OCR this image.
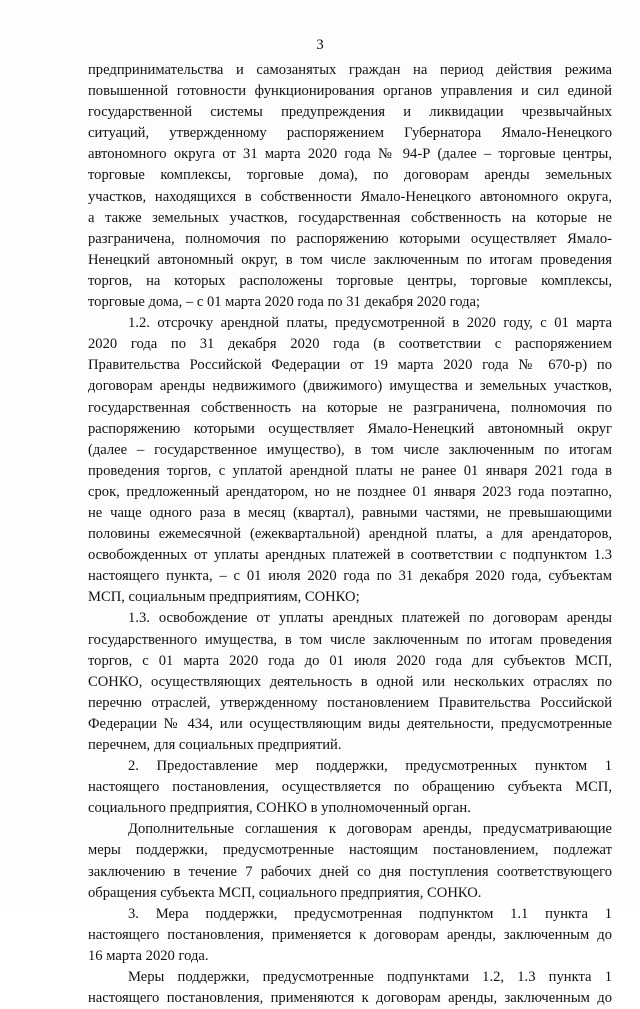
3
предпринимательства и самозанятых граждан на период действия режима
повышенной готовности функционирования органов управления и сил единой
государственной системы предупреждения и ликвидации чрезвычайных
ситуаций, утвержденному распоряжением Губернатора Ямало-Ненецкого
автономного округа от 31 марта 2020 года № 94-Р (далее – торговые центры,
торговые комплексы, торговые дома), по договорам аренды земельных
участков, находящихся в собственности Ямало-Ненецкого автономного округа,
а также земельных участков, государственная собственность на которые не
разграничена, полномочия по распоряжению которыми осуществляет Ямало-
Ненецкий автономный округ, в том числе заключенным по итогам проведения
торгов, на которых расположены торговые центры, торговые комплексы,
торговые дома, – с 01 марта 2020 года по 31 декабря 2020 года;
1.2. отсрочку арендной платы, предусмотренной в 2020 году, с 01 марта
2020 года по 31 декабря 2020 года (в соответствии с распоряжением
Правительства Российской Федерации от 19 марта 2020 года № 670-р) по
договорам аренды недвижимого (движимого) имущества и земельных участков,
государственная собственность на которые не разграничена, полномочия по
распоряжению которыми осуществляет Ямало-Ненецкий автономный округ
(далее – государственное имущество), в том числе заключенным по итогам
проведения торгов, с уплатой арендной платы не ранее 01 января 2021 года в
срок, предложенный арендатором, но не позднее 01 января 2023 года поэтапно,
не чаще одного раза в месяц (квартал), равными частями, не превышающими
половины ежемесячной (ежеквартальной) арендной платы, а для арендаторов,
освобожденных от уплаты арендных платежей в соответствии с подпунктом 1.3
настоящего пункта, – с 01 июля 2020 года по 31 декабря 2020 года, субъектам
МСП, социальным предприятиям, СОНКО;
1.3. освобождение от уплаты арендных платежей по договорам аренды
государственного имущества, в том числе заключенным по итогам проведения
торгов, с 01 марта 2020 года до 01 июля 2020 года для субъектов МСП,
СОНКО, осуществляющих деятельность в одной или нескольких отраслях по
перечню отраслей, утвержденному постановлением Правительства Российской
Федерации № 434, или осуществляющим виды деятельности, предусмотренные
перечнем, для социальных предприятий.
2. Предоставление мер поддержки, предусмотренных пунктом 1
настоящего постановления, осуществляется по обращению субъекта МСП,
социального предприятия, СОНКО в уполномоченный орган.
Дополнительные соглашения к договорам аренды, предусматривающие
меры поддержки, предусмотренные настоящим постановлением, подлежат
заключению в течение 7 рабочих дней со дня поступления соответствующего
обращения субъекта МСП, социального предприятия, СОНКО.
3. Мера поддержки, предусмотренная подпунктом 1.1 пункта 1
настоящего постановления, применяется к договорам аренды, заключенным до
16 марта 2020 года.
Меры поддержки, предусмотренные подпунктами 1.2, 1.3 пункта 1
настоящего постановления, применяются к договорам аренды, заключенным до
